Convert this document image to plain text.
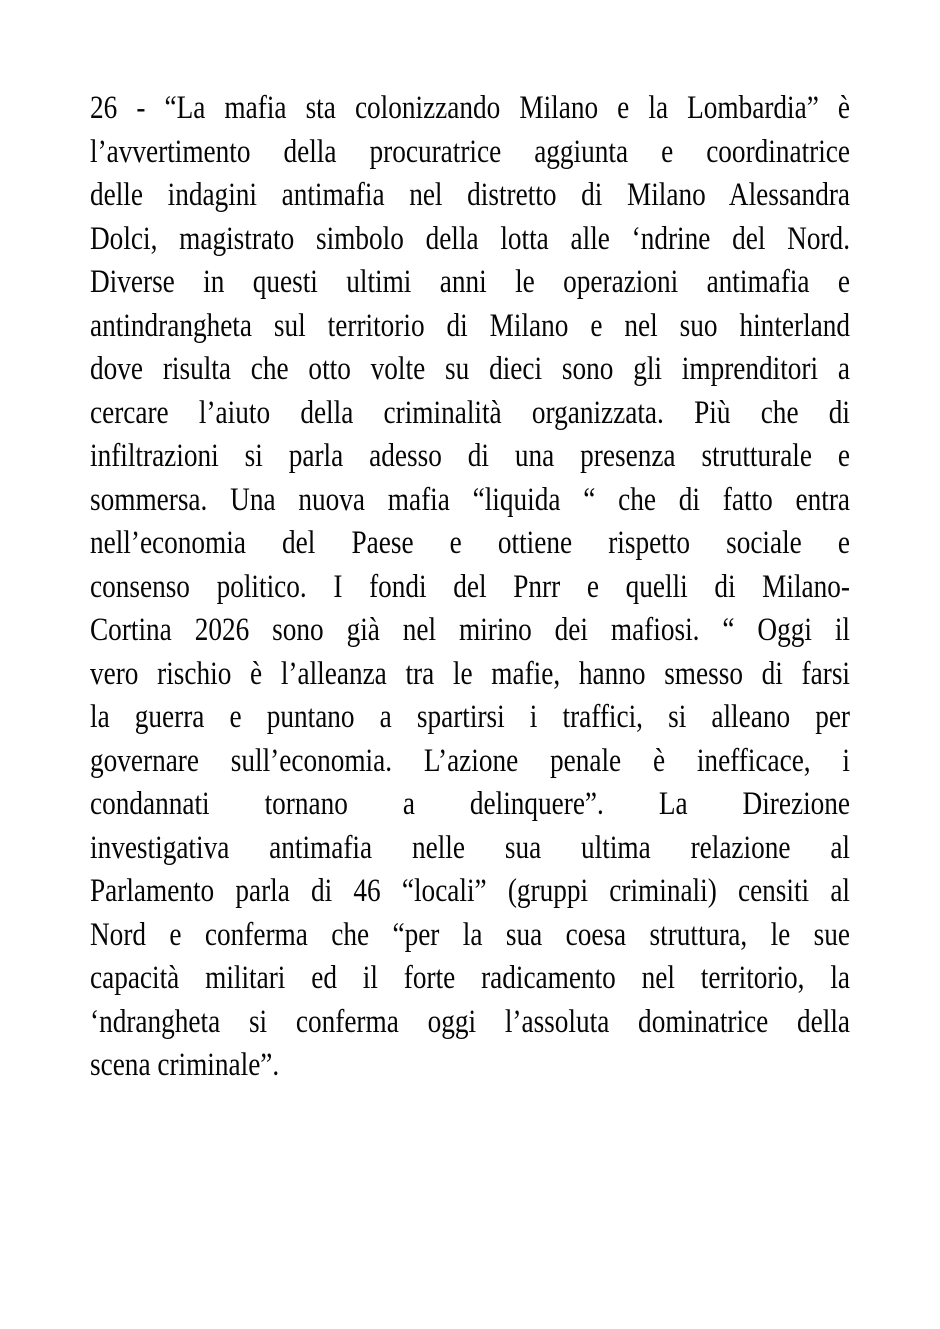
26 - “La mafia sta colonizzando Milano e la Lombardia” è
l’avvertimento della procuratrice aggiunta e coordinatrice
delle indagini antimafia nel distretto di Milano Alessandra
Dolci, magistrato simbolo della lotta alle ‘ndrine del Nord.
Diverse in questi ultimi anni le operazioni antimafia e
antindrangheta sul territorio di Milano e nel suo hinterland
dove risulta che otto volte su dieci sono gli imprenditori a
cercare l’aiuto della criminalità organizzata. Più che di
infiltrazioni si parla adesso di una presenza strutturale e
sommersa. Una nuova mafia “liquida “ che di fatto entra
nell’economia del Paese e ottiene rispetto sociale e
consenso politico. I fondi del Pnrr e quelli di Milano-
Cortina 2026 sono già nel mirino dei mafiosi. “ Oggi il
vero rischio è l’alleanza tra le mafie, hanno smesso di farsi
la guerra e puntano a spartirsi i traffici, si alleano per
governare sull’economia. L’azione penale è inefficace, i
condannati tornano a delinquere”. La Direzione
investigativa antimafia nelle sua ultima relazione al
Parlamento parla di 46 “locali” (gruppi criminali) censiti al
Nord e conferma che “per la sua coesa struttura, le sue
capacità militari ed il forte radicamento nel territorio, la
‘ndrangheta si conferma oggi l’assoluta dominatrice della
scena criminale”.
